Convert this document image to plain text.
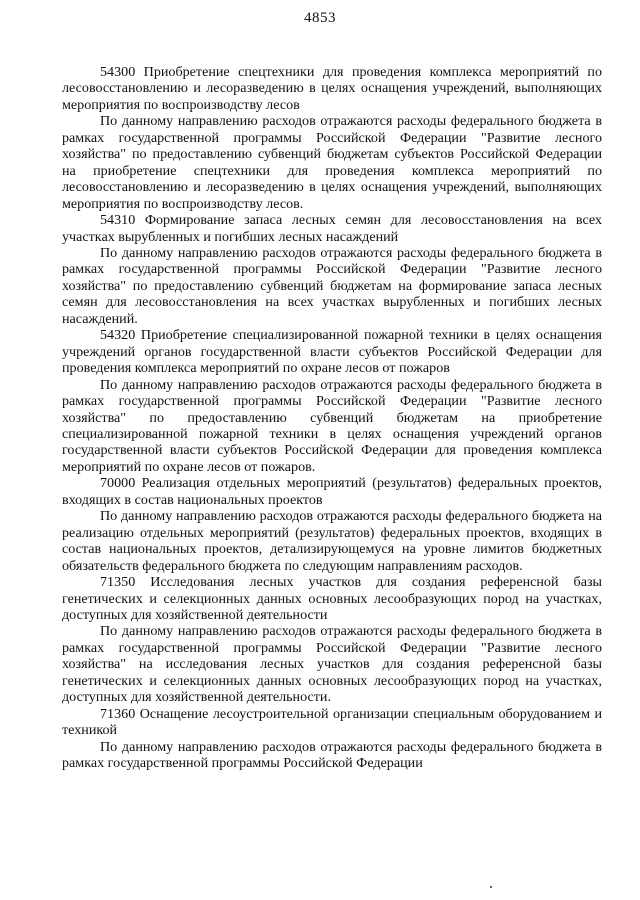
4853

54300 Приобретение спецтехники для проведения комплекса мероприятий по лесовосстановлению и лесоразведению в целях оснащения учреждений, выполняющих мероприятия по воспроизводству лесов

По данному направлению расходов отражаются расходы федерального бюджета в рамках государственной программы Российской Федерации "Развитие лесного хозяйства" по предоставлению субвенций бюджетам субъектов Российской Федерации на приобретение спецтехники для проведения комплекса мероприятий по лесовосстановлению и лесоразведению в целях оснащения учреждений, выполняющих мероприятия по воспроизводству лесов.

54310 Формирование запаса лесных семян для лесовосстановления на всех участках вырубленных и погибших лесных насаждений

По данному направлению расходов отражаются расходы федерального бюджета в рамках государственной программы Российской Федерации "Развитие лесного хозяйства" по предоставлению субвенций бюджетам на формирование запаса лесных семян для лесовосстановления на всех участках вырубленных и погибших лесных насаждений.

54320 Приобретение специализированной пожарной техники в целях оснащения учреждений органов государственной власти субъектов Российской Федерации для проведения комплекса мероприятий по охране лесов от пожаров

По данному направлению расходов отражаются расходы федерального бюджета в рамках государственной программы Российской Федерации "Развитие лесного хозяйства" по предоставлению субвенций бюджетам на приобретение специализированной пожарной техники в целях оснащения учреждений органов государственной власти субъектов Российской Федерации для проведения комплекса мероприятий по охране лесов от пожаров.

70000 Реализация отдельных мероприятий (результатов) федеральных проектов, входящих в состав национальных проектов

По данному направлению расходов отражаются расходы федерального бюджета на реализацию отдельных мероприятий (результатов) федеральных проектов, входящих в состав национальных проектов, детализирующемуся на уровне лимитов бюджетных обязательств федерального бюджета по следующим направлениям расходов.

71350 Исследования лесных участков для создания референсной базы генетических и селекционных данных основных лесообразующих пород на участках, доступных для хозяйственной деятельности

По данному направлению расходов отражаются расходы федерального бюджета в рамках государственной программы Российской Федерации "Развитие лесного хозяйства" на исследования лесных участков для создания референсной базы генетических и селекционных данных основных лесообразующих пород на участках, доступных для хозяйственной деятельности.

71360 Оснащение лесоустроительной организации специальным оборудованием и техникой

По данному направлению расходов отражаются расходы федерального бюджета в рамках государственной программы Российской Федерации
